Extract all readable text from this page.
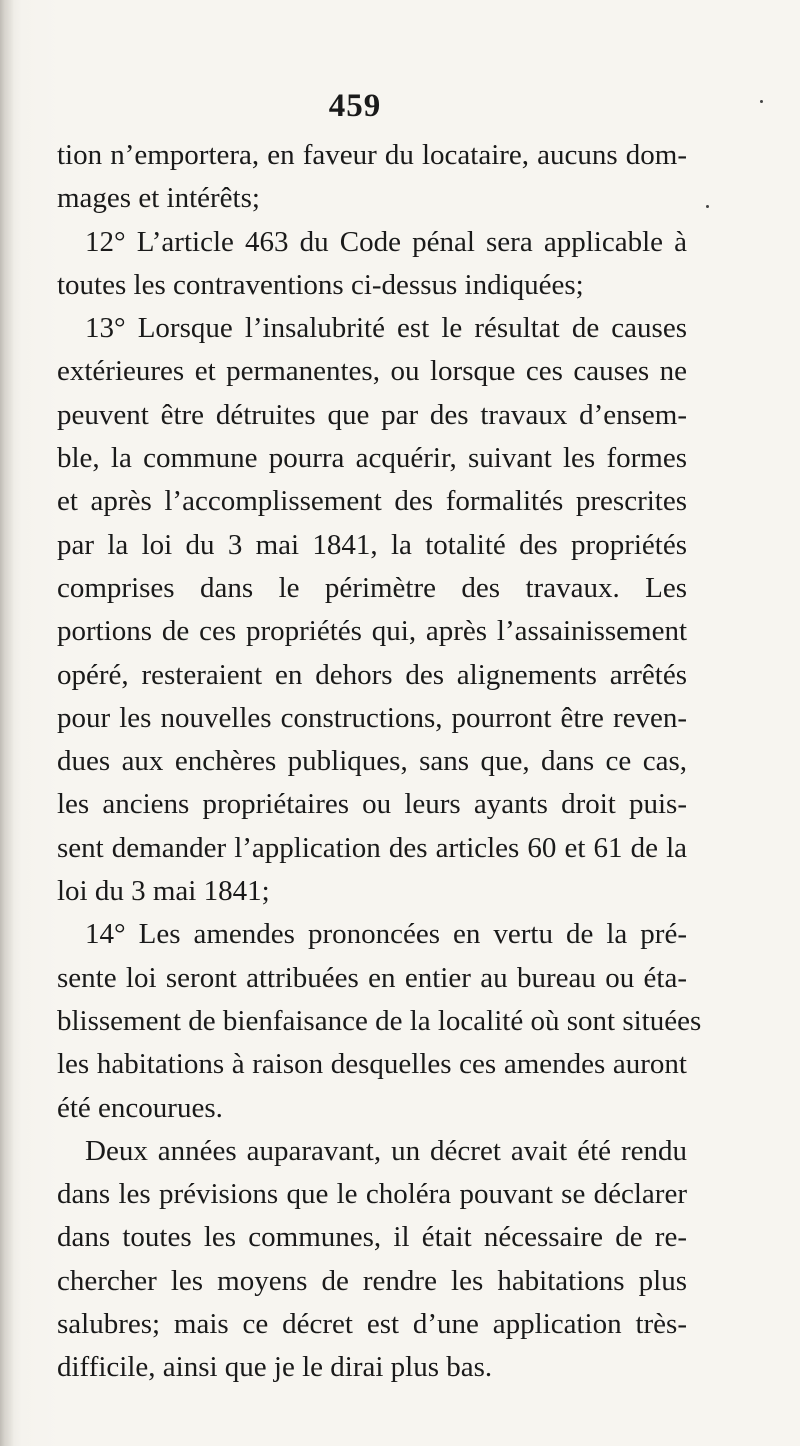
459
tion n’emportera, en faveur du locataire, aucuns dom-
mages et intérêts;
12° L’article 463 du Code pénal sera applicable à
toutes les contraventions ci-dessus indiquées;
13° Lorsque l’insalubrité est le résultat de causes
extérieures et permanentes, ou lorsque ces causes ne
peuvent être détruites que par des travaux d’ensem-
ble, la commune pourra acquérir, suivant les formes
et après l’accomplissement des formalités prescrites
par la loi du 3 mai 1841, la totalité des propriétés
comprises dans le périmètre des travaux. Les
portions de ces propriétés qui, après l’assainissement
opéré, resteraient en dehors des alignements arrêtés
pour les nouvelles constructions, pourront être reven-
dues aux enchères publiques, sans que, dans ce cas,
les anciens propriétaires ou leurs ayants droit puis-
sent demander l’application des articles 60 et 61 de la
loi du 3 mai 1841;
14° Les amendes prononcées en vertu de la pré-
sente loi seront attribuées en entier au bureau ou éta-
blissement de bienfaisance de la localité où sont situées
les habitations à raison desquelles ces amendes auront
été encourues.
Deux années auparavant, un décret avait été rendu
dans les prévisions que le choléra pouvant se déclarer
dans toutes les communes, il était nécessaire de re-
chercher les moyens de rendre les habitations plus
salubres; mais ce décret est d’une application très-
difficile, ainsi que je le dirai plus bas.
